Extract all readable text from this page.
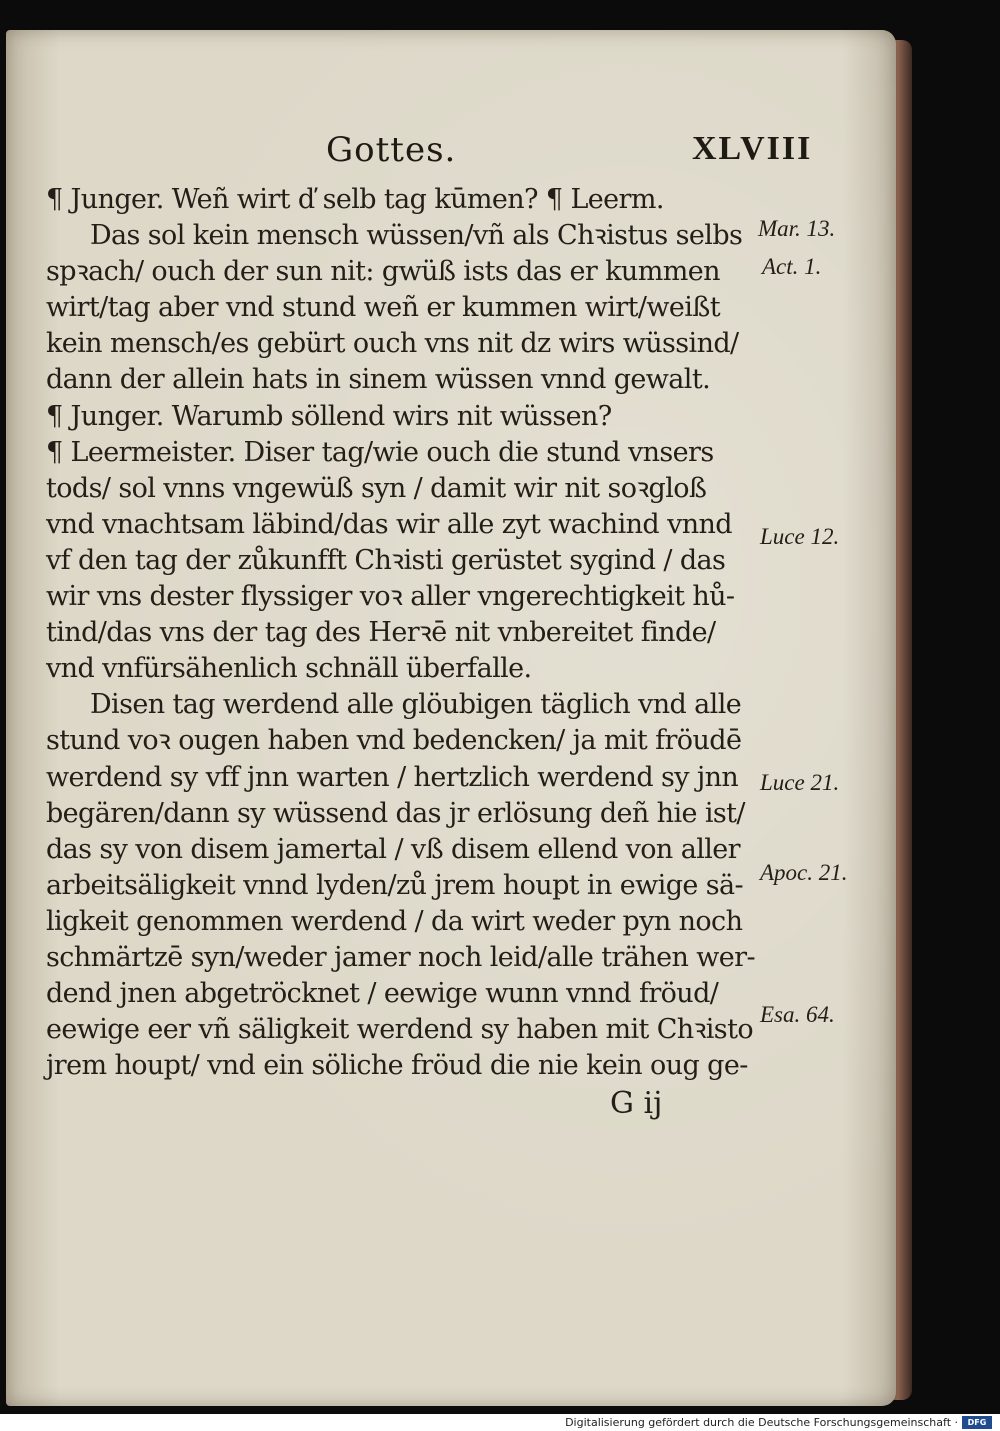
Gottes.	XLVIII
¶ Junger. Weñ wirt ď selb tag kūmen? ¶ Leerm.
Das sol kein mensch wüssen/vñ als Chꝛistus selbs
spꝛach/ ouch der sun nit: gwüß ists das er kummen
wirt/tag aber vnd stund weñ er kummen wirt/weißt
kein mensch/es gebürt ouch vns nit dz wirs wüssind/
dann der allein hats in sinem wüssen vnnd gewalt.
¶ Junger. Warumb söllend wirs nit wüssen?
¶ Leermeister. Diser tag/wie ouch die stund vnsers
tods/ sol vnns vngewüß syn / damit wir nit soꝛgloß
vnd vnachtsam läbind/das wir alle zyt wachind vnnd
vf den tag der zůkunfft Chꝛisti gerüstet sygind / das
wir vns dester flyssiger voꝛ aller vngerechtigkeit hů-
tind/das vns der tag des Herꝛē nit vnbereitet finde/
vnd vnfürsähenlich schnäll überfalle.
Disen tag werdend alle glöubigen täglich vnd alle
stund voꝛ ougen haben vnd bedencken/ ja mit fröudē
werdend sy vff jnn warten / hertzlich werdend sy jnn
begären/dann sy wüssend das jr erlösung deñ hie ist/
das sy von disem jamertal / vß disem ellend von aller
arbeitsäligkeit vnnd lyden/zů jrem houpt in ewige sä-
ligkeit genommen werdend / da wirt weder pyn noch
schmärtzē syn/weder jamer noch leid/alle trähen wer-
dend jnen abgetröcknet / eewige wunn vnnd fröud/
eewige eer vñ säligkeit werdend sy haben mit Chꝛisto
jrem houpt/ vnd ein söliche fröud die nie kein oug ge-
Mar. 13.
Act. 1.
Luce 12.
Luce 21.
Apoc. 21.
Esa. 64.
G ij
Digitalisierung gefördert durch die Deutsche Forschungsgemeinschaft ·	DFG
